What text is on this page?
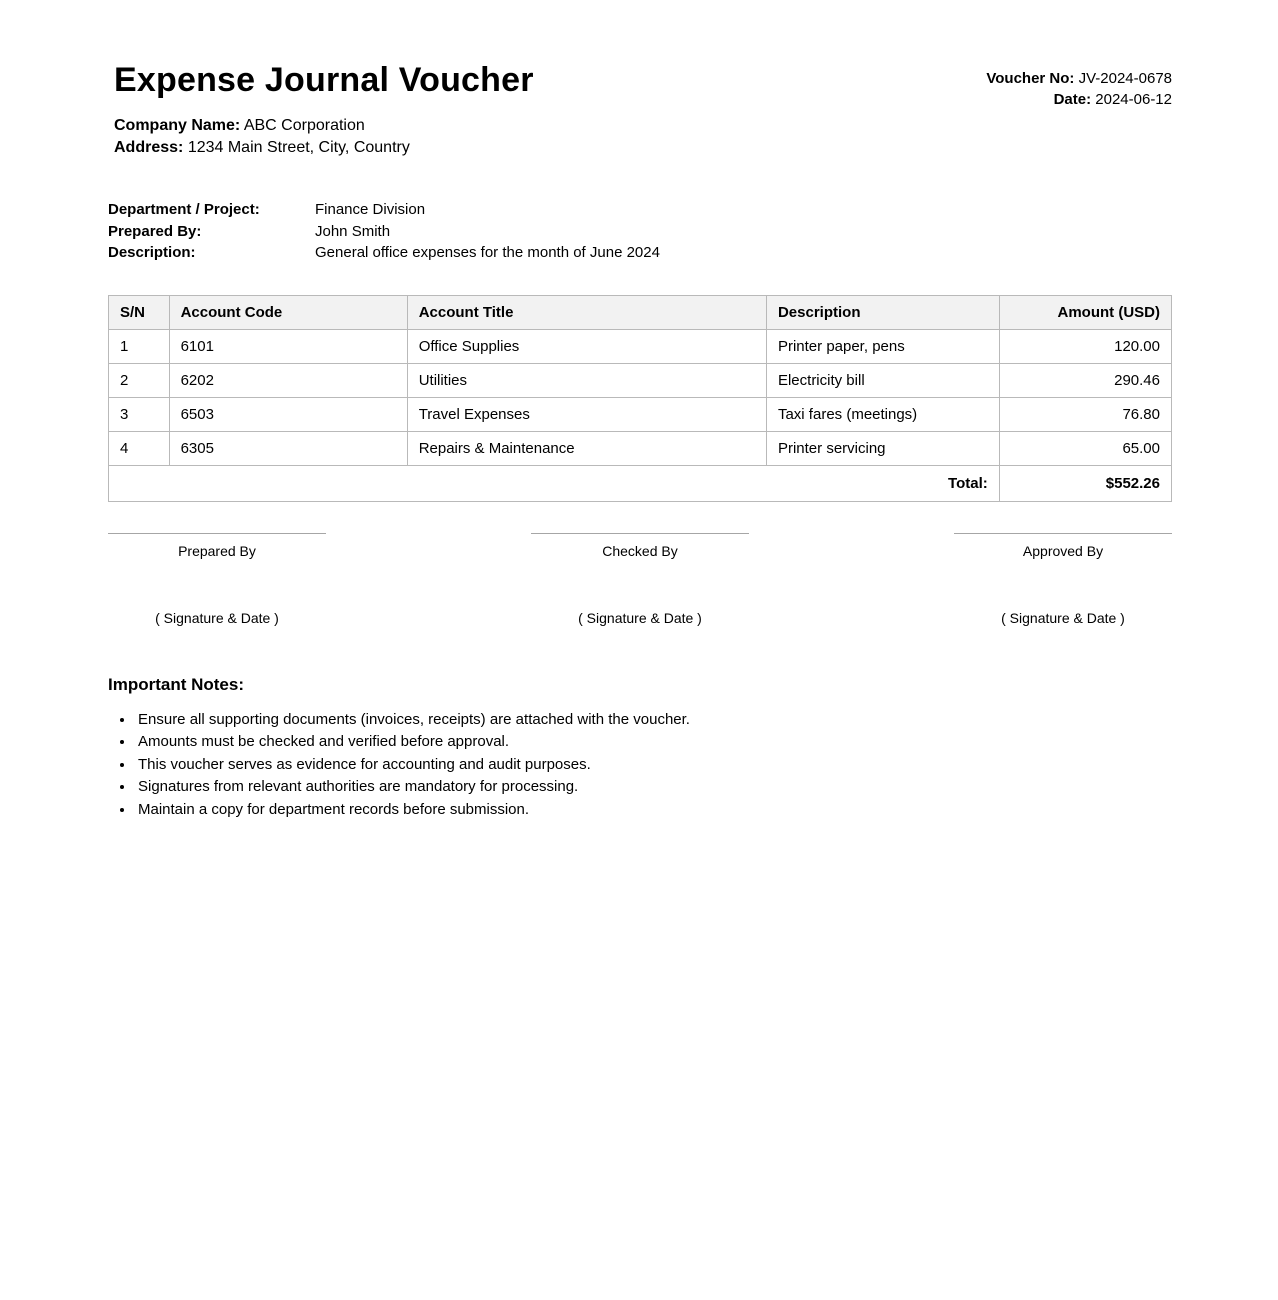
Expense Journal Voucher
Company Name: ABC Corporation
Address: 1234 Main Street, City, Country
Voucher No: JV-2024-0678
Date: 2024-06-12
Department / Project:	Finance Division
Prepared By:	John Smith
Description:	General office expenses for the month of June 2024
S/N	Account Code	Account Title	Description	Amount (USD)
1	6101	Office Supplies	Printer paper, pens	120.00
2	6202	Utilities	Electricity bill	290.46
3	6503	Travel Expenses	Taxi fares (meetings)	76.80
4	6305	Repairs & Maintenance	Printer servicing	65.00
Total:				$552.26
Prepared By
( Signature & Date )
Checked By
( Signature & Date )
Approved By
( Signature & Date )
Important Notes:
• Ensure all supporting documents (invoices, receipts) are attached with the voucher.
• Amounts must be checked and verified before approval.
• This voucher serves as evidence for accounting and audit purposes.
• Signatures from relevant authorities are mandatory for processing.
• Maintain a copy for department records before submission.
